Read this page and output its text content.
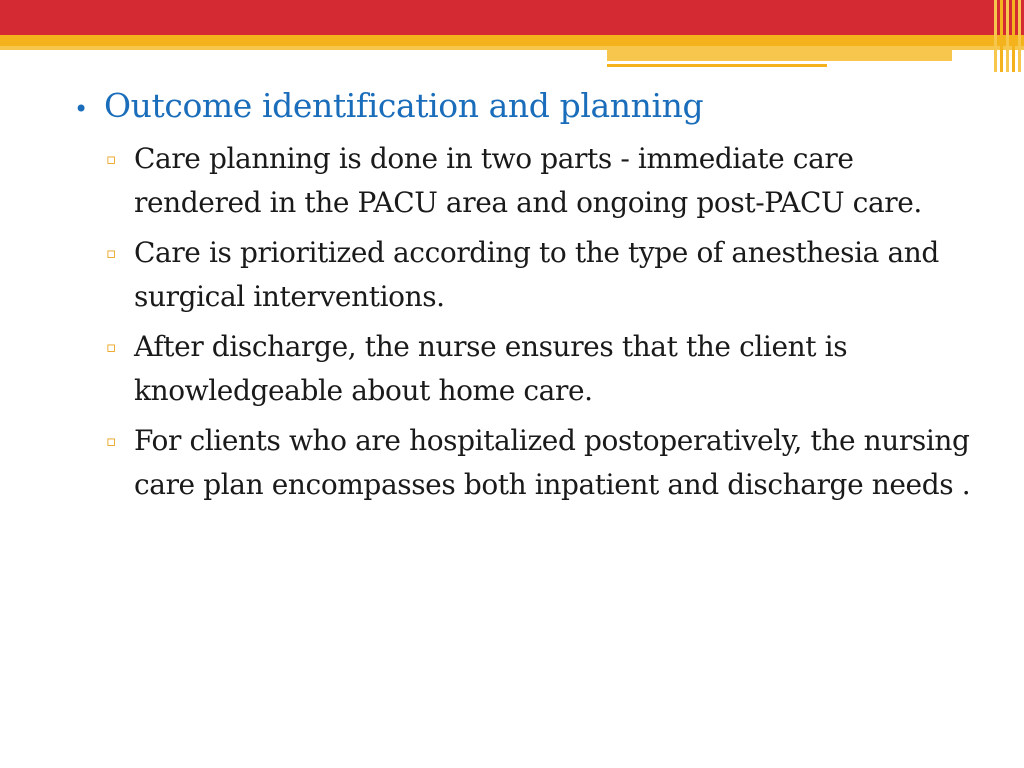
• Outcome identification and planning
▫ Care planning is done in two parts - immediate care rendered in the PACU area and ongoing post-PACU care.
▫ Care is prioritized according to the type of anesthesia and surgical interventions.
▫ After discharge, the nurse ensures that the client is knowledgeable about home care.
▫ For clients who are hospitalized postoperatively, the nursing care plan encompasses both inpatient and discharge needs .
